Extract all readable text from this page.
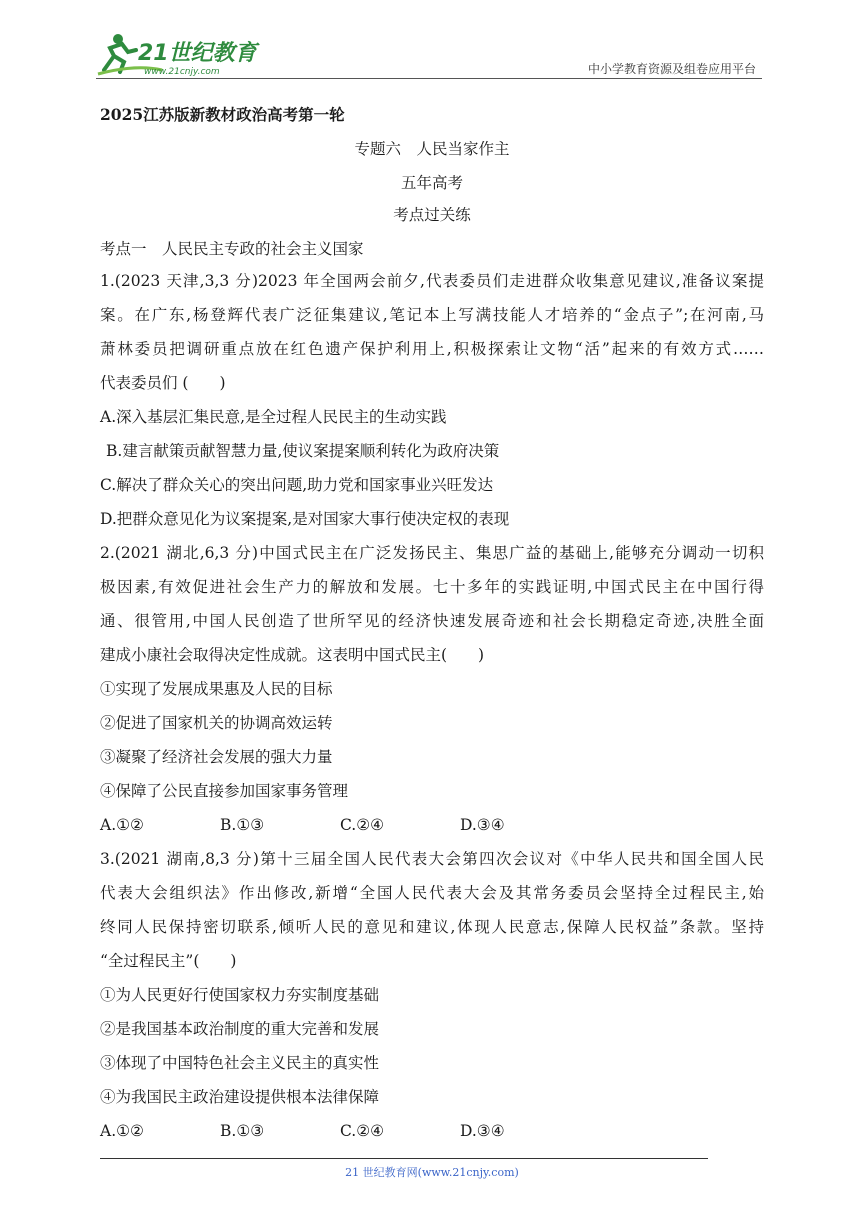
21世纪教育
www.21cnjy.com	中小学教育资源及组卷应用平台
2025江苏版新教材政治高考第一轮
专题六　人民当家作主
五年高考
考点过关练
考点一　人民民主专政的社会主义国家
1.(2023 天津,3,3 分)2023 年全国两会前夕,代表委员们走进群众收集意见建议,准备议案提
案。在广东,杨登辉代表广泛征集建议,笔记本上写满技能人才培养的“金点子”;在河南,马
萧林委员把调研重点放在红色遗产保护利用上,积极探索让文物“活”起来的有效方式……
代表委员们 (　　)
A.深入基层汇集民意,是全过程人民民主的生动实践
B.建言献策贡献智慧力量,使议案提案顺利转化为政府决策
C.解决了群众关心的突出问题,助力党和国家事业兴旺发达
D.把群众意见化为议案提案,是对国家大事行使决定权的表现
2.(2021 湖北,6,3 分)中国式民主在广泛发扬民主、集思广益的基础上,能够充分调动一切积
极因素,有效促进社会生产力的解放和发展。七十多年的实践证明,中国式民主在中国行得
通、很管用,中国人民创造了世所罕见的经济快速发展奇迹和社会长期稳定奇迹,决胜全面
建成小康社会取得决定性成就。这表明中国式民主(　　)
①实现了发展成果惠及人民的目标
②促进了国家机关的协调高效运转
③凝聚了经济社会发展的强大力量
④保障了公民直接参加国家事务管理
A.①②	B.①③	C.②④	D.③④
3.(2021 湖南,8,3 分)第十三届全国人民代表大会第四次会议对《中华人民共和国全国人民
代表大会组织法》作出修改,新增“全国人民代表大会及其常务委员会坚持全过程民主,始
终同人民保持密切联系,倾听人民的意见和建议,体现人民意志,保障人民权益”条款。坚持
“全过程民主”(　　)
①为人民更好行使国家权力夯实制度基础
②是我国基本政治制度的重大完善和发展
③体现了中国特色社会主义民主的真实性
④为我国民主政治建设提供根本法律保障
A.①②	B.①③	C.②④	D.③④
21 世纪教育网(www.21cnjy.com)
